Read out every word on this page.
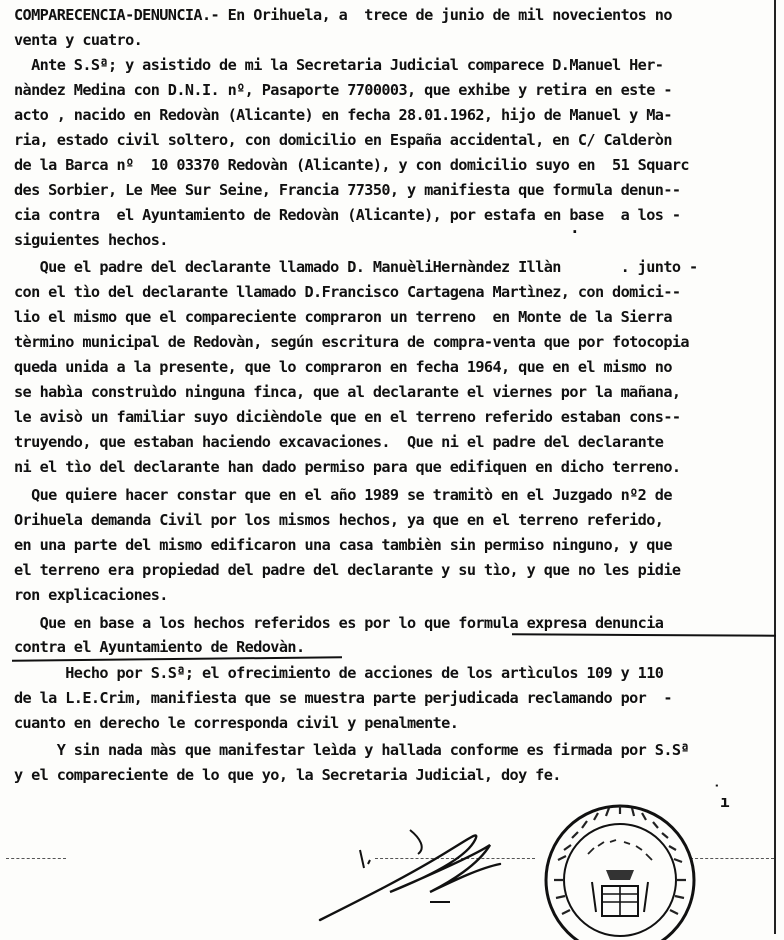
COMPARECENCIA-DENUNCIA.- En Orihuela, a  trece de junio de mil novecientos no
venta y cuatro.
Ante S.Sª; y asistido de mi la Secretaria Judicial comparece D.Manuel Her-
nàndez Medina con D.N.I. nº, Pasaporte 7700003, que exhibe y retira en este -
acto , nacido en Redovàn (Alicante) en fecha 28.01.1962, hijo de Manuel y Ma-
ria, estado civil soltero, con domicilio en España accidental, en C/ Calderòn
de la Barca nº  10 03370 Redovàn (Alicante), y con domicilio suyo en  51 Squarc
des Sorbier, Le Mee Sur Seine, Francia 77350, y manifiesta que formula denun--
cia contra  el Ayuntamiento de Redovàn (Alicante), por estafa en base  a los -
siguientes hechos.
Que el padre del declarante llamado D. ManuèliHernàndez Illàn       . junto -
con el tìo del declarante llamado D.Francisco Cartagena Martìnez, con domici--
lio el mismo que el compareciente compraron un terreno  en Monte de la Sierra
tèrmino municipal de Redovàn, según escritura de compra-venta que por fotocopia
queda unida a la presente, que lo compraron en fecha 1964, que en el mismo no
se habìa construìdo ninguna finca, que al declarante el viernes por la mañana,
le avisò un familiar suyo dicièndole que en el terreno referido estaban cons--
truyendo, que estaban haciendo excavaciones.  Que ni el padre del declarante
ni el tìo del declarante han dado permiso para que edifiquen en dicho terreno.
Que quiere hacer constar que en el año 1989 se tramitò en el Juzgado nº2 de
Orihuela demanda Civil por los mismos hechos, ya que en el terreno referido,
en una parte del mismo edificaron una casa tambièn sin permiso ninguno, y que
el terreno era propiedad del padre del declarante y su tìo, y que no les pidie
ron explicaciones.
Que en base a los hechos referidos es por lo que formula expresa denuncia
contra el Ayuntamiento de Redovàn.
Hecho por S.Sª; el ofrecimiento de acciones de los artìculos 109 y 110
de la L.E.Crim, manifiesta que se muestra parte perjudicada reclamando por  -
cuanto en derecho le corresponda civil y penalmente.
Y sin nada màs que manifestar leìda y hallada conforme es firmada por S.Sª
y el compareciente de lo que yo, la Secretaria Judicial, doy fe.
·
˙
ı
